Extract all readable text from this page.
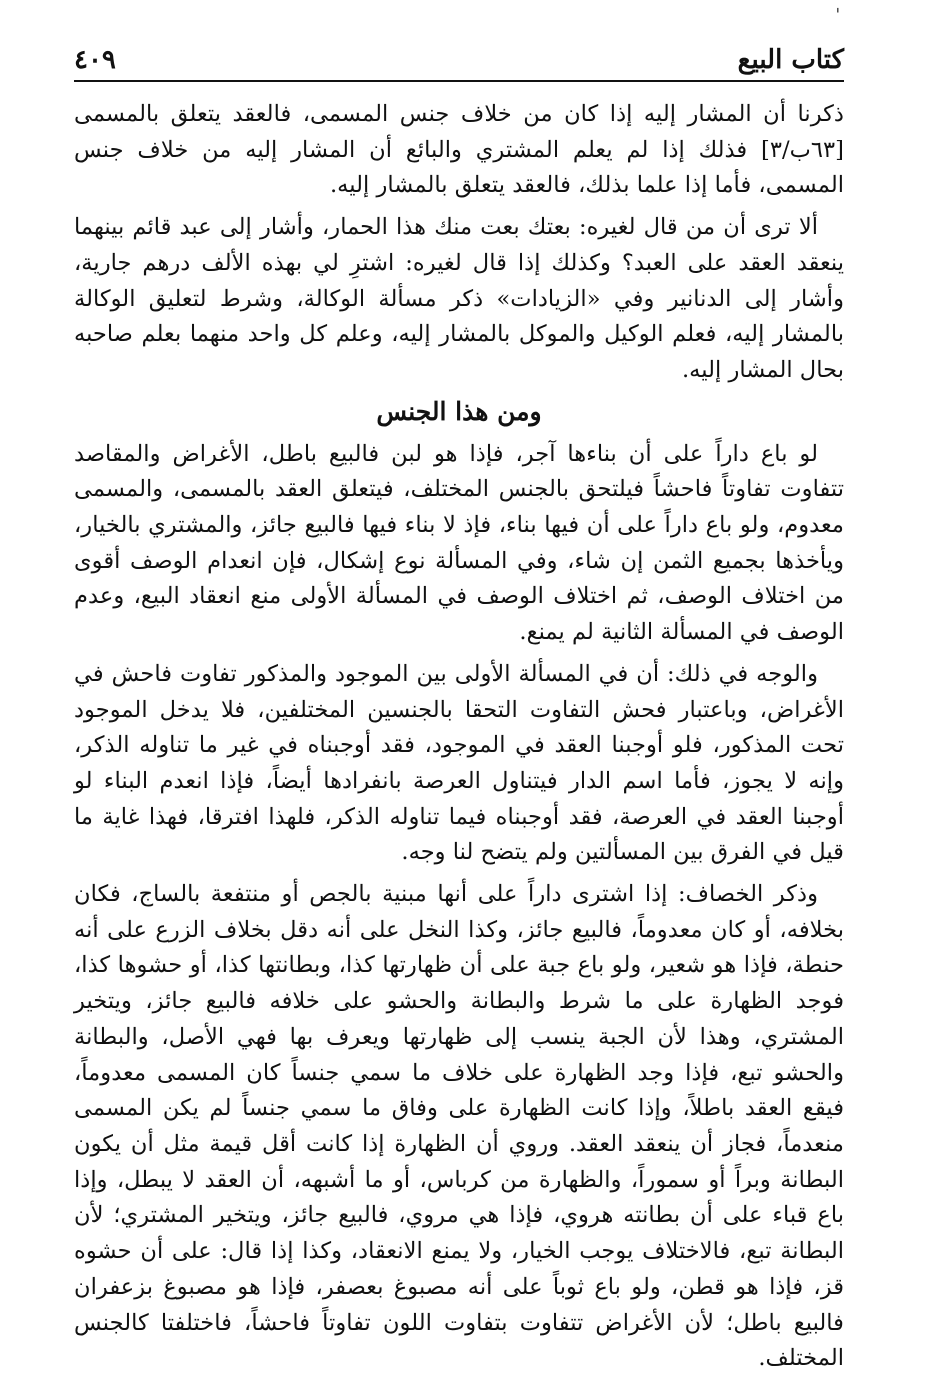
ˈ
كتاب البيع
٤٠٩

ذكرنا أن المشار إليه إذا كان من خلاف جنس المسمى، فالعقد يتعلق بالمسمى [٦٣ب/٣] فذلك إذا لم يعلم المشتري والبائع أن المشار إليه من خلاف جنس المسمى، فأما إذا علما بذلك، فالعقد يتعلق بالمشار إليه.

ألا ترى أن من قال لغيره: بعتك بعت منك هذا الحمار، وأشار إلى عبد قائم بينهما ينعقد العقد على العبد؟ وكذلك إذا قال لغيره: اشترِ لي بهذه الألف درهم جارية، وأشار إلى الدنانير وفي «الزيادات» ذكر مسألة الوكالة، وشرط لتعليق الوكالة بالمشار إليه، فعلم الوكيل والموكل بالمشار إليه، وعلم كل واحد منهما بعلم صاحبه بحال المشار إليه.

ومن هذا الجنس

لو باع داراً على أن بناءها آجر، فإذا هو لبن فالبيع باطل، الأغراض والمقاصد تتفاوت تفاوتاً فاحشاً فيلتحق بالجنس المختلف، فيتعلق العقد بالمسمى، والمسمى معدوم، ولو باع داراً على أن فيها بناء، فإذ لا بناء فيها فالبيع جائز، والمشتري بالخيار، ويأخذها بجميع الثمن إن شاء، وفي المسألة نوع إشكال، فإن انعدام الوصف أقوى من اختلاف الوصف، ثم اختلاف الوصف في المسألة الأولى منع انعقاد البيع، وعدم الوصف في المسألة الثانية لم يمنع.

والوجه في ذلك: أن في المسألة الأولى بين الموجود والمذكور تفاوت فاحش في الأغراض، وباعتبار فحش التفاوت التحقا بالجنسين المختلفين، فلا يدخل الموجود تحت المذكور، فلو أوجبنا العقد في الموجود، فقد أوجبناه في غير ما تناوله الذكر، وإنه لا يجوز، فأما اسم الدار فيتناول العرصة بانفرادها أيضاً، فإذا انعدم البناء لو أوجبنا العقد في العرصة، فقد أوجبناه فيما تناوله الذكر، فلهذا افترقا، فهذا غاية ما قيل في الفرق بين المسألتين ولم يتضح لنا وجه.

وذكر الخصاف: إذا اشترى داراً على أنها مبنية بالجص أو منتفعة بالساج، فكان بخلافه، أو كان معدوماً، فالبيع جائز، وكذا النخل على أنه دقل بخلاف الزرع على أنه حنطة، فإذا هو شعير، ولو باع جبة على أن ظهارتها كذا، وبطانتها كذا، أو حشوها كذا، فوجد الظهارة على ما شرط والبطانة والحشو على خلافه فالبيع جائز، ويتخير المشتري، وهذا لأن الجبة ينسب إلى ظهارتها ويعرف بها فهي الأصل، والبطانة والحشو تبع، فإذا وجد الظهارة على خلاف ما سمي جنساً كان المسمى معدوماً، فيقع العقد باطلاً، وإذا كانت الظهارة على وفاق ما سمي جنساً لم يكن المسمى منعدماً، فجاز أن ينعقد العقد. وروي أن الظهارة إذا كانت أقل قيمة مثل أن يكون البطانة وبراً أو سموراً، والظهارة من كرباس، أو ما أشبهه، أن العقد لا يبطل، وإذا باع قباء على أن بطانته هروي، فإذا هي مروي، فالبيع جائز، ويتخير المشتري؛ لأن البطانة تبع، فالاختلاف يوجب الخيار، ولا يمنع الانعقاد، وكذا إذا قال: على أن حشوه قز، فإذا هو قطن، ولو باع ثوباً على أنه مصبوغ بعصفر، فإذا هو مصبوغ بزعفران فالبيع باطل؛ لأن الأغراض تتفاوت بتفاوت اللون تفاوتاً فاحشاً، فاختلفتا كالجنس المختلف.
